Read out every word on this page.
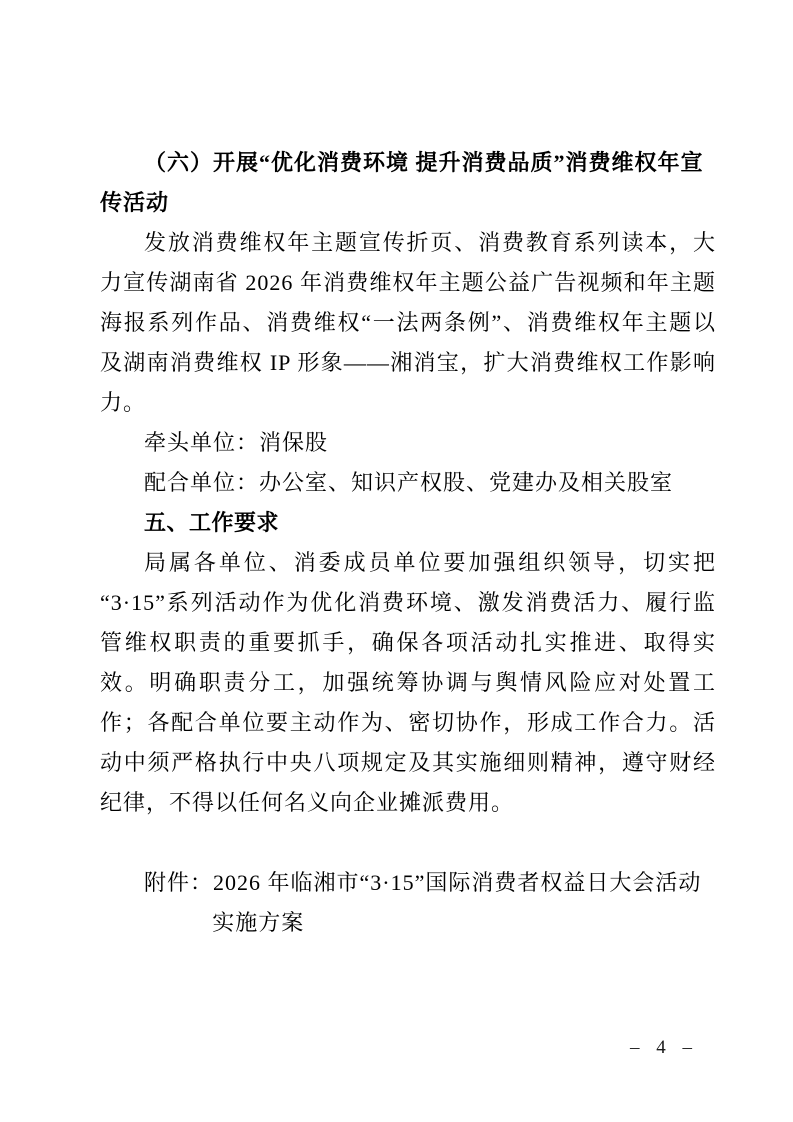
（六）开展“优化消费环境 提升消费品质”消费维权年宣传活动

发放消费维权年主题宣传折页、消费教育系列读本，大力宣传湖南省 2026 年消费维权年主题公益广告视频和年主题海报系列作品、消费维权“一法两条例”、消费维权年主题以及湖南消费维权 IP 形象——湘消宝，扩大消费维权工作影响力。

牵头单位：消保股

配合单位：办公室、知识产权股、党建办及相关股室

五、工作要求

局属各单位、消委成员单位要加强组织领导，切实把“3·15”系列活动作为优化消费环境、激发消费活力、履行监管维权职责的重要抓手，确保各项活动扎实推进、取得实效。明确职责分工，加强统筹协调与舆情风险应对处置工作；各配合单位要主动作为、密切协作，形成工作合力。活动中须严格执行中央八项规定及其实施细则精神，遵守财经纪律，不得以任何名义向企业摊派费用。

附件：2026 年临湘市“3·15”国际消费者权益日大会活动实施方案

– 4 –
